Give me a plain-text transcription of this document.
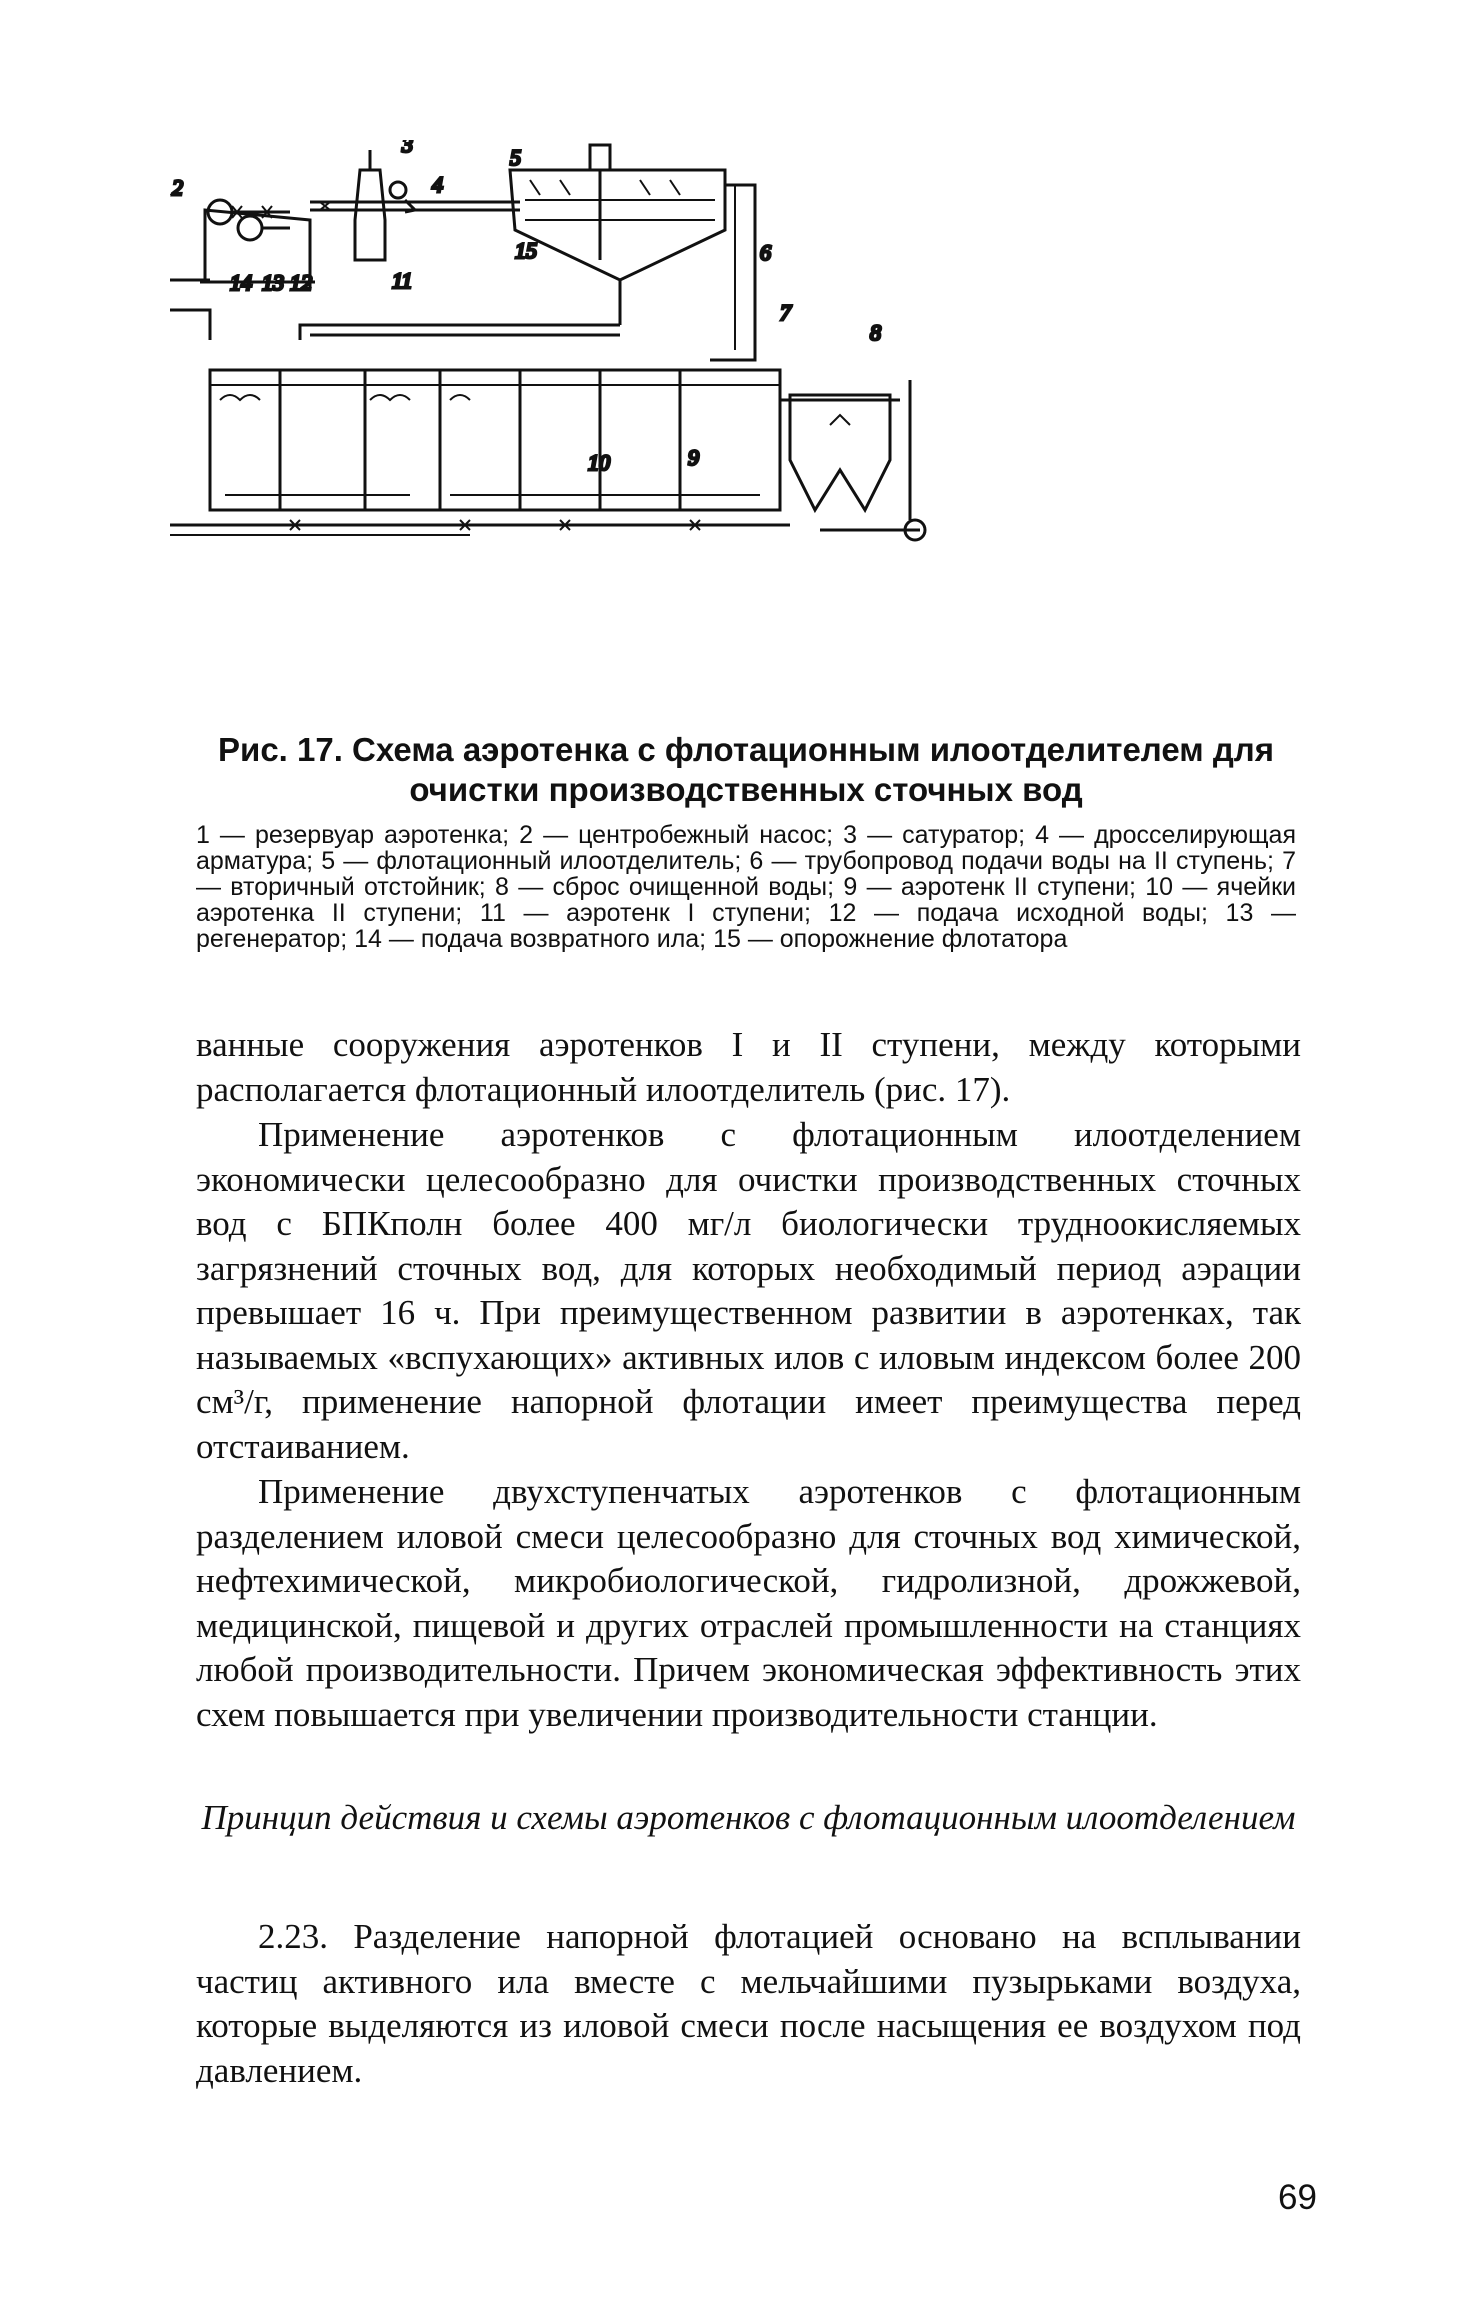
2
3
4
5
6
7
8
9
10
11
12
13
14
15
Рис. 17. Схема аэротенка с флотационным илоотделителем для очистки производственных сточных вод
1 — резервуар аэротенка; 2 — центробежный насос; 3 — сатуратор; 4 — дросселирующая арматура; 5 — флотационный илоотделитель; 6 — трубопровод подачи воды на II ступень; 7 — вторичный отстойник; 8 — сброс очищенной воды; 9 — аэротенк II ступени; 10 — ячейки аэротенка II ступени; 11 — аэротенк I ступени; 12 — подача исходной воды; 13 — регенератор; 14 — подача возвратного ила; 15 — опорожнение флотатора
ванные сооружения аэротенков I и II ступени, между которыми располагается флотационный илоотделитель (рис. 17).
Применение аэротенков с флотационным илоотделением экономически целесообразно для очистки производственных сточных вод с БПКполн более 400 мг/л биологически трудноокисляемых загрязнений сточных вод, для которых необходимый период аэрации превышает 16 ч. При преимущественном развитии в аэротенках, так называемых «вспухающих» активных илов с иловым индексом более 200 см³/г, применение напорной флотации имеет преимущества перед отстаиванием.
Применение двухступенчатых аэротенков с флотационным разделением иловой смеси целесообразно для сточных вод химической, нефтехимической, микробиологической, гидролизной, дрожжевой, медицинской, пищевой и других отраслей промышленности на станциях любой производительности. Причем экономическая эффективность этих схем повышается при увеличении производительности станции.
Принцип действия и схемы аэротенков с флотационным илоотделением
2.23. Разделение напорной флотацией основано на всплывании частиц активного ила вместе с мельчайшими пузырьками воздуха, которые выделяются из иловой смеси после насыщения ее воздухом под давлением.
69
